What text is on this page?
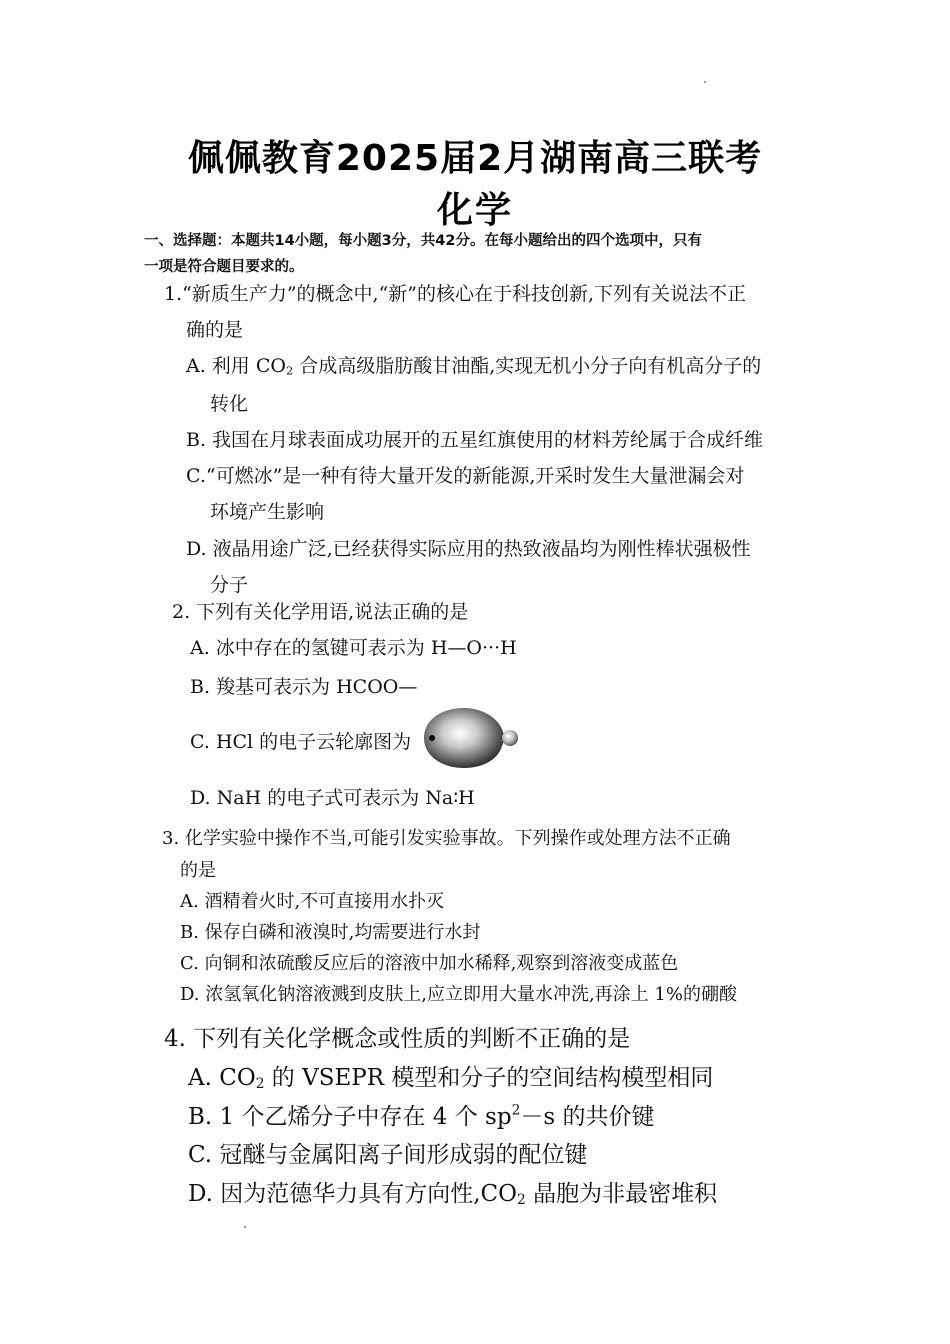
佩佩教育2025届2月湖南高三联考
化学
一、选择题：本题共14小题，每小题3分，共42分。在每小题给出的四个选项中，只有
一项是符合题目要求的。
1.“新质生产力”的概念中,“新”的核心在于科技创新,下列有关说法不正
确的是
A. 利用 $CO_2$ 合成高级脂肪酸甘油酯,实现无机小分子向有机高分子的
转化
B. 我国在月球表面成功展开的五星红旗使用的材料芳纶属于合成纤维
C.“可燃冰”是一种有待大量开发的新能源,开采时发生大量泄漏会对
环境产生影响
D. 液晶用途广泛,已经获得实际应用的热致液晶均为刚性棒状强极性
分子
2. 下列有关化学用语,说法正确的是
A. 冰中存在的氢键可表示为 H—O···H
B. 羧基可表示为 HCOO—
C. HCl 的电子云轮廓图为
D. NaH 的电子式可表示为 Na∶H
3. 化学实验中操作不当,可能引发实验事故。下列操作或处理方法不正确
的是
A. 酒精着火时,不可直接用水扑灭
B. 保存白磷和液溴时,均需要进行水封
C. 向铜和浓硫酸反应后的溶液中加水稀释,观察到溶液变成蓝色
D. 浓氢氧化钠溶液溅到皮肤上,应立即用大量水冲洗,再涂上 1%的硼酸
4. 下列有关化学概念或性质的判断不正确的是
A. $CO_2$ 的 VSEPR 模型和分子的空间结构模型相同
B. 1 个乙烯分子中存在 4 个 $sp^2-s$ 的共价键
C. 冠醚与金属阳离子间形成弱的配位键
D. 因为范德华力具有方向性$,CO_2$ 晶胞为非最密堆积
